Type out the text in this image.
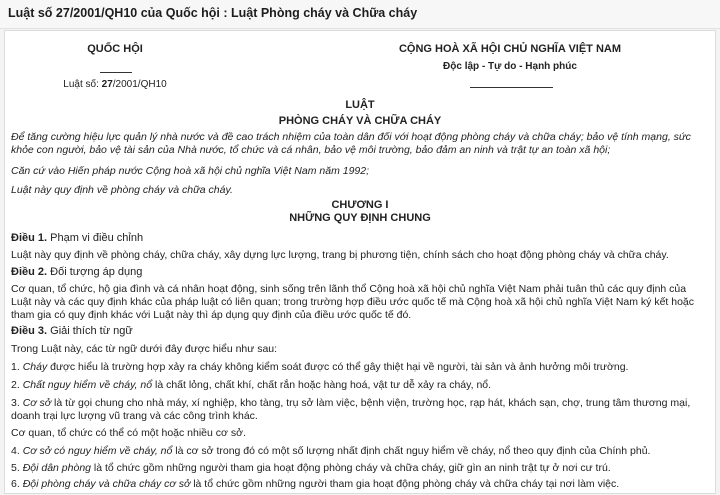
Luật số 27/2001/QH10 của Quốc hội : Luật Phòng cháy và Chữa cháy
QUỐC HỘI
Luật số: 27/2001/QH10
CỘNG HOÀ XÃ HỘI CHỦ NGHĨA VIỆT NAM
Độc lập - Tự do - Hạnh phúc
LUẬT
PHÒNG CHÁY VÀ CHỮA CHÁY
Để tăng cường hiệu lực quản lý nhà nước và đề cao trách nhiệm của toàn dân đối với hoạt động phòng cháy và chữa cháy; bảo vệ tính mạng, sức khỏe con người, bảo vệ tài sản của Nhà nước, tổ chức và cá nhân, bảo vệ môi trường, bảo đảm an ninh và trật tự an toàn xã hội;
Căn cứ vào Hiến pháp nước Cộng hoà xã hội chủ nghĩa Việt Nam năm 1992;
Luật này quy định về phòng cháy và chữa cháy.
CHƯƠNG I
NHỮNG QUY ĐỊNH CHUNG
Điều 1. Phạm vi điều chỉnh
Luật này quy định về phòng cháy, chữa cháy, xây dựng lực lượng, trang bị phương tiện, chính sách cho hoạt động phòng cháy và chữa cháy.
Điều 2. Đối tượng áp dụng
Cơ quan, tổ chức, hộ gia đình và cá nhân hoạt động, sinh sống trên lãnh thổ Cộng hoà xã hội chủ nghĩa Việt Nam phải tuân thủ các quy định của Luật này và các quy định khác của pháp luật có liên quan; trong trường hợp điều ước quốc tế mà Cộng hoà xã hội chủ nghĩa Việt Nam ký kết hoặc tham gia có quy định khác với Luật này thì áp dụng quy định của điều ước quốc tế đó.
Điều 3. Giải thích từ ngữ
Trong Luật này, các từ ngữ dưới đây được hiểu như sau:
1. Cháy được hiểu là trường hợp xảy ra cháy không kiểm soát được có thể gây thiệt hại về người, tài sản và ảnh hưởng môi trường.
2. Chất nguy hiểm về cháy, nổ là chất lỏng, chất khí, chất rắn hoặc hàng hoá, vật tư dễ xảy ra cháy, nổ.
3. Cơ sở là từ gọi chung cho nhà máy, xí nghiệp, kho tàng, trụ sở làm việc, bệnh viện, trường học, rạp hát, khách sạn, chợ, trung tâm thương mại, doanh trại lực lượng vũ trang và các công trình khác.
Cơ quan, tổ chức có thể có một hoặc nhiều cơ sở.
4. Cơ sở có nguy hiểm về cháy, nổ là cơ sở trong đó có một số lượng nhất định chất nguy hiểm về cháy, nổ theo quy định của Chính phủ.
5. Đội dân phòng là tổ chức gồm những người tham gia hoạt động phòng cháy và chữa cháy, giữ gìn an ninh trật tự ở nơi cư trú.
6. Đội phòng cháy và chữa cháy cơ sở là tổ chức gồm những người tham gia hoạt động phòng cháy và chữa cháy tại nơi làm việc.
